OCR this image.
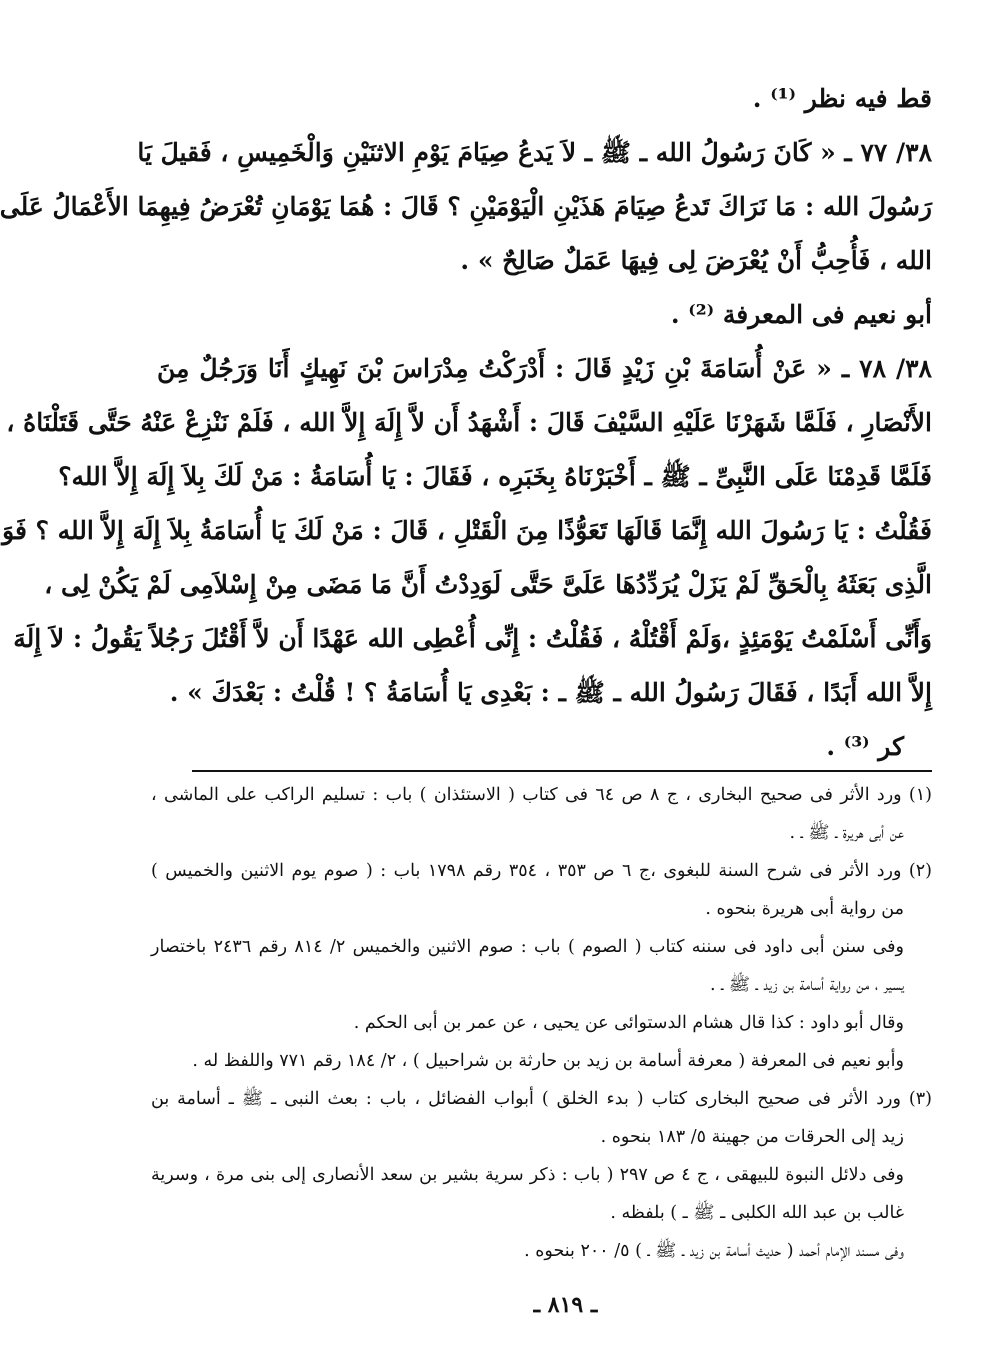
قط فيه نظر ⁽¹⁾ .
٣٨/ ٧٧ ـ « كَانَ رَسُولُ الله ـ ﷺ ـ لاَ يَدعُ صِيَامَ يَوْمِ الاثنَيْنِ وَالْخَمِيسِ ، فَقيلَ يَا
رَسُولَ الله : مَا نَرَاكَ تَدعُ صِيَامَ هَذَيْنِ الْيَوْمَيْنِ ؟ قَالَ : هُمَا يَوْمَانِ تُعْرَضُ فِيهِمَا الأَعْمَالُ عَلَى
الله ، فَأُحِبُّ أَنْ يُعْرَضَ لِى فِيهَا عَمَلٌ صَالِحٌ » .
أبو نعيم فى المعرفة ⁽²⁾ .
٣٨/ ٧٨ ـ « عَنْ أُسَامَةَ بْنِ زَيْدٍ قَالَ : أَدْرَكْتُ مِدْرَاسَ بْنَ نَهِيكٍ أَنَا وَرَجُلٌ مِنَ
الأَنْصَارِ ، فَلَمَّا شَهَرْنَا عَلَيْهِ السَّيْفَ قَالَ : أَشْهَدُ أَن لاَّ إِلَهَ إِلاَّ الله ، فَلَمْ نَنْزِعْ عَنْهُ حَتَّى قَتَلْنَاهُ ،
فَلَمَّا قَدِمْنَا عَلَى النَّبِىِّ ـ ﷺ ـ أَخْبَرْنَاهُ بِخَبَرِه ، فَقَالَ : يَا أُسَامَةُ : مَنْ لَكَ بِلاَ إِلَهَ إِلاَّ الله؟
فَقُلْتُ : يَا رَسُولَ الله إِنَّمَا قَالَهَا تَعَوُّذًا مِنَ الْقَتْلِ ، قَالَ : مَنْ لَكَ يَا أُسَامَةُ بِلاَ إِلَهَ إِلاَّ الله ؟ فَوَ
الَّذِى بَعَثَهُ بِالْحَقِّ لَمْ يَزَلْ يُرَدِّدُهَا عَلَىَّ حَتَّى لَوَدِدْتُ أَنَّ مَا مَضَى مِنْ إِسْلاَمِى لَمْ يَكُنْ لِى ،
وَأَنِّى أَسْلَمْتُ يَوْمَئِذٍ ،وَلَمْ أَقْتُلْهُ ، فَقُلْتُ : إِنِّى أُعْطِى الله عَهْدًا أَن لاَّ أَقْتُلَ رَجُلاً يَقُولُ : لاَ إِلَهَ
إِلاَّ الله أَبَدًا ، فَقَالَ رَسُولُ الله ـ ﷺ ـ : بَعْدِى يَا أُسَامَةُ ؟ ! قُلْتُ : بَعْدَكَ » .
كر ⁽³⁾ .
(١) ورد الأثر فى صحيح البخارى ، ج ٨ ص ٦٤ فى كتاب ( الاستئذان ) باب : تسليم الراكب على الماشى ،
عن أبى هريرة ـ ﷺ ـ .
(٢) ورد الأثر فى شرح السنة للبغوى ،ج ٦ ص ٣٥٣ ، ٣٥٤ رقم ١٧٩٨ باب : ( صوم يوم الاثنين والخميس )
من رواية أبى هريرة بنحوه .
وفى سنن أبى داود فى سننه كتاب ( الصوم ) باب : صوم الاثنين والخميس ٢/ ٨١٤ رقم ٢٤٣٦ باختصار
يسير ، من رواية أسامة بن زيد ـ ﷺ ـ .
وقال أبو داود : كذا قال هشام الدستوائى عن يحيى ، عن عمر بن أبى الحكم .
وأبو نعيم فى المعرفة ( معرفة أسامة بن زيد بن حارثة بن شراحبيل ) ، ٢/ ١٨٤ رقم ٧٧١ واللفظ له .
(٣) ورد الأثر فى صحيح البخارى كتاب ( بدء الخلق ) أبواب الفضائل ، باب : بعث النبى ـ ﷺ ـ أسامة بن
زيد إلى الحرقات من جهينة ٥/ ١٨٣ بنحوه .
وفى دلائل النبوة للبيهقى ، ج ٤ ص ٢٩٧ ( باب : ذكر سرية بشير بن سعد الأنصارى إلى بنى مرة ، وسرية
غالب بن عبد الله الكلبى ـ ﷺ ـ ) بلفظه .
وفى مسند الإمام أحمد ( حديث أسامة بن زيد ـ ﷺ ـ ) ٥/ ٢٠٠ بنحوه .
ـ ٨١٩ ـ
